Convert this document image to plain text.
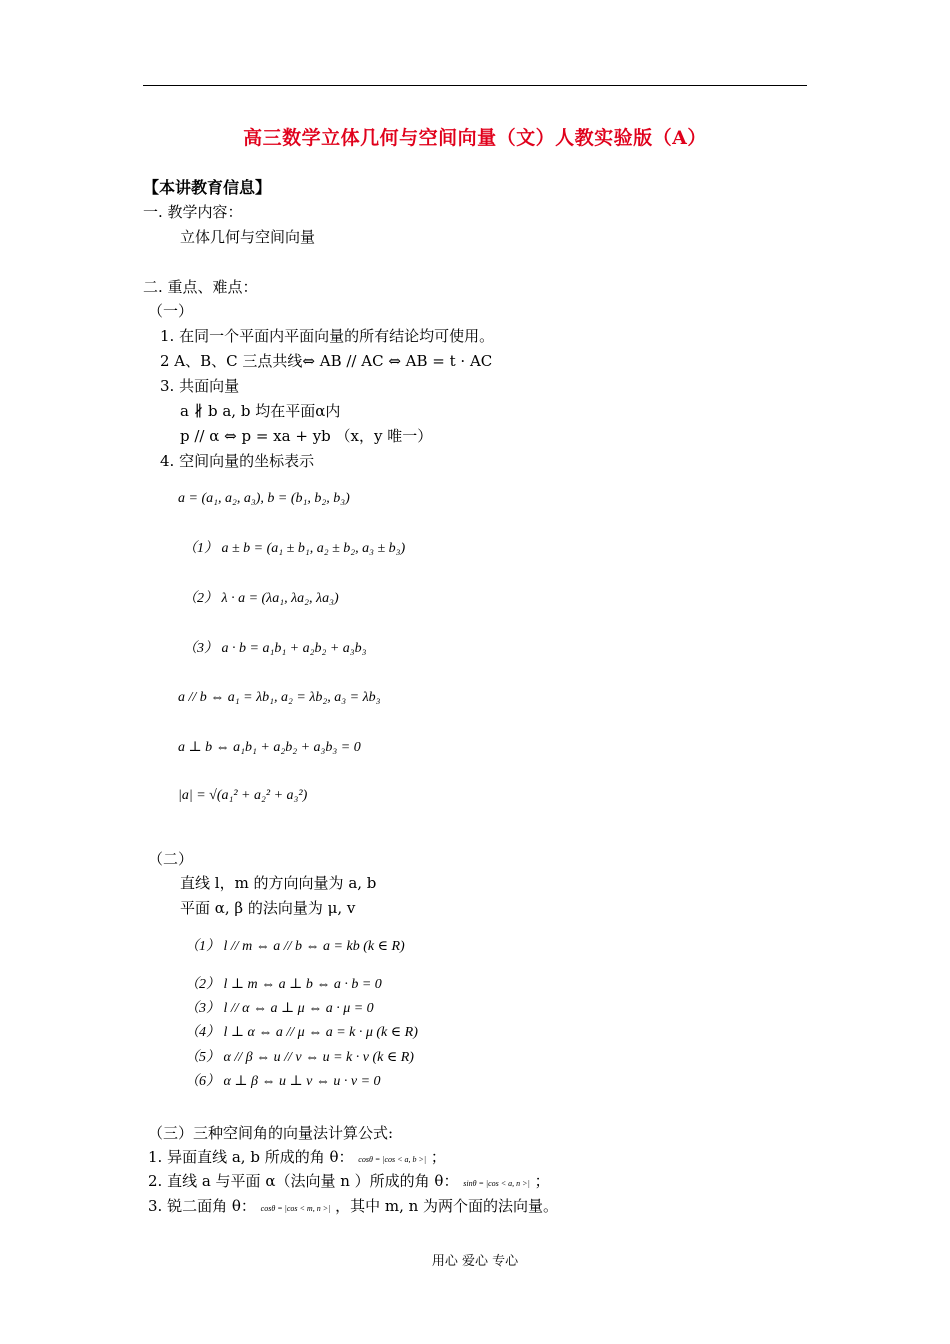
高三数学立体几何与空间向量（文）人教实验版（A）
【本讲教育信息】
一. 教学内容：
立体几何与空间向量
二. 重点、难点：
（一）
1. 在同一个平面内平面向量的所有结论均可使用。
2 A、B、C 三点共线⇔ AB // AC ⇔ AB = t · AC
3. 共面向量
a ∦ b a, b 均在平面α内
p // α ⇔ p = xa + yb （x，y 唯一）
4. 空间向量的坐标表示
a = (a₁, a₂, a₃), b = (b₁, b₂, b₃)
（1） a ± b = (a₁ ± b₁, a₂ ± b₂, a₃ ± b₃)
（2） λ · a = (λa₁, λa₂, λa₃)
（3） a · b = a₁b₁ + a₂b₂ + a₃b₃
a // b ⇔ a₁ = λb₁, a₂ = λb₂, a₃ = λb₃
a ⊥ b ⇔ a₁b₁ + a₂b₂ + a₃b₃ = 0
|a| = √(a₁² + a₂² + a₃²)
（二）
直线 l，m 的方向向量为 a, b
平面 α, β 的法向量为 μ, v
（1） l // m ⇔ a // b ⇔ a = kb (k ∈ R)
（2） l ⊥ m ⇔ a ⊥ b ⇔ a · b = 0
（3） l // α ⇔ a ⊥ μ ⇔ a · μ = 0
（4） l ⊥ α ⇔ a // μ ⇔ a = k · μ (k ∈ R)
（5） α // β ⇔ u // v ⇔ u = k · v (k ∈ R)
（6） α ⊥ β ⇔ u ⊥ v ⇔ u · v = 0
（三）三种空间角的向量法计算公式:
1. 异面直线 a, b 所成的角 θ： cosθ = |cos < a, b >| ；
2. 直线 a 与平面 α（法向量 n ）所成的角 θ： sinθ = |cos < a, n >| ；
3. 锐二面角 θ： cosθ = |cos < m, n >| ，其中 m, n 为两个面的法向量。
用心 爱心 专心
